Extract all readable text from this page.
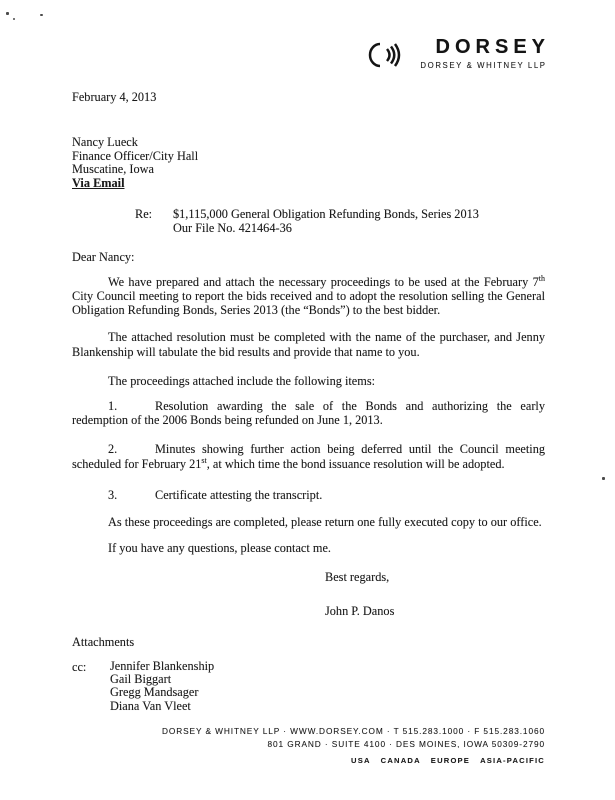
DORSEY
DORSEY & WHITNEY LLP
February 4, 2013
Nancy Lueck
Finance Officer/City Hall
Muscatine, Iowa
Via Email
Re:	$1,115,000 General Obligation Refunding Bonds, Series 2013
Our File No. 421464-36
Dear Nancy:

We have prepared and attach the necessary proceedings to be used at the February 7th City Council meeting to report the bids received and to adopt the resolution selling the General Obligation Refunding Bonds, Series 2013 (the “Bonds”) to the best bidder.

The attached resolution must be completed with the name of the purchaser, and Jenny Blankenship will tabulate the bid results and provide that name to you.

The proceedings attached include the following items:

1.	Resolution awarding the sale of the Bonds and authorizing the early redemption of the 2006 Bonds being refunded on June 1, 2013.

2.	Minutes showing further action being deferred until the Council meeting scheduled for February 21st, at which time the bond issuance resolution will be adopted.

3.	Certificate attesting the transcript.

As these proceedings are completed, please return one fully executed copy to our office.

If you have any questions, please contact me.

Best regards,
John P. Danos
Attachments
cc:	Jennifer Blankenship
Gail Biggart
Gregg Mandsager
Diana Van Vleet
DORSEY & WHITNEY LLP · WWW.DORSEY.COM · T 515.283.1000 · F 515.283.1060
801 GRAND · SUITE 4100 · DES MOINES, IOWA 50309-2790
USA CANADA EUROPE ASIA-PACIFIC
